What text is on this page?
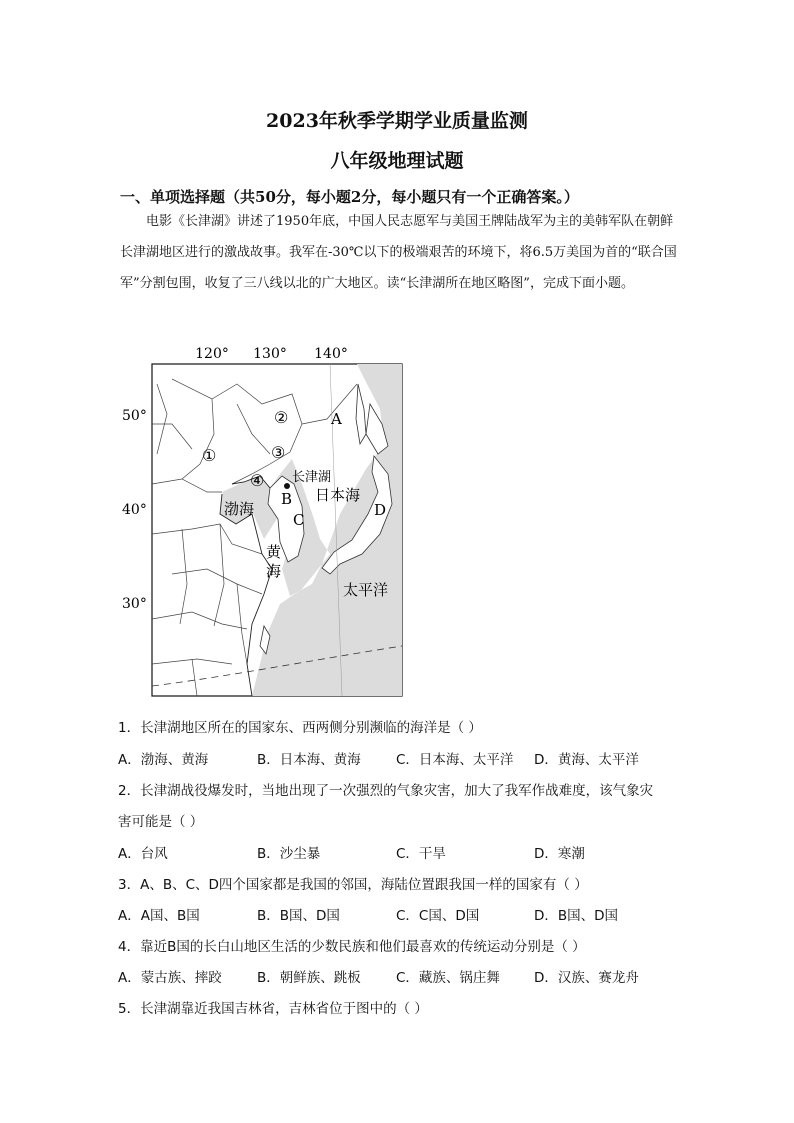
2023年秋季学期学业质量监测
八年级地理试题
一、单项选择题（共50分，每小题2分，每小题只有一个正确答案。）
电影《长津湖》讲述了1950年底，中国人民志愿军与美国王牌陆战军为主的美韩军队在朝鲜长津湖地区进行的激战故事。我军在-30℃以下的极端艰苦的环境下，将6.5万美国为首的“联合国军”分割包围，收复了三八线以北的广大地区。读“长津湖所在地区略图”，完成下面小题。
120° 130° 140°
50°
40°
30°
①
②
③
④
A
B
C
D
长津湖
渤海
日本海
黄
海
太平洋
1．长津湖地区所在的国家东、西两侧分别濒临的海洋是（ ）
A．渤海、黄海	B．日本海、黄海	C．日本海、太平洋 D．黄海、太平洋
2．长津湖战役爆发时，当地出现了一次强烈的气象灾害，加大了我军作战难度，该气象灾
害可能是（ ）
A．台风	B．沙尘暴	C．干旱	D．寒潮
3．A、B、C、D四个国家都是我国的邻国，海陆位置跟我国一样的国家有（ ）
A．A国、B国	B．B国、D国	C．C国、D国	D．B国、D国
4．靠近B国的长白山地区生活的少数民族和他们最喜欢的传统运动分别是（ ）
A．蒙古族、摔跤	B．朝鲜族、跳板	C．藏族、锅庄舞	D．汉族、赛龙舟
5．长津湖靠近我国吉林省，吉林省位于图中的（ ）
